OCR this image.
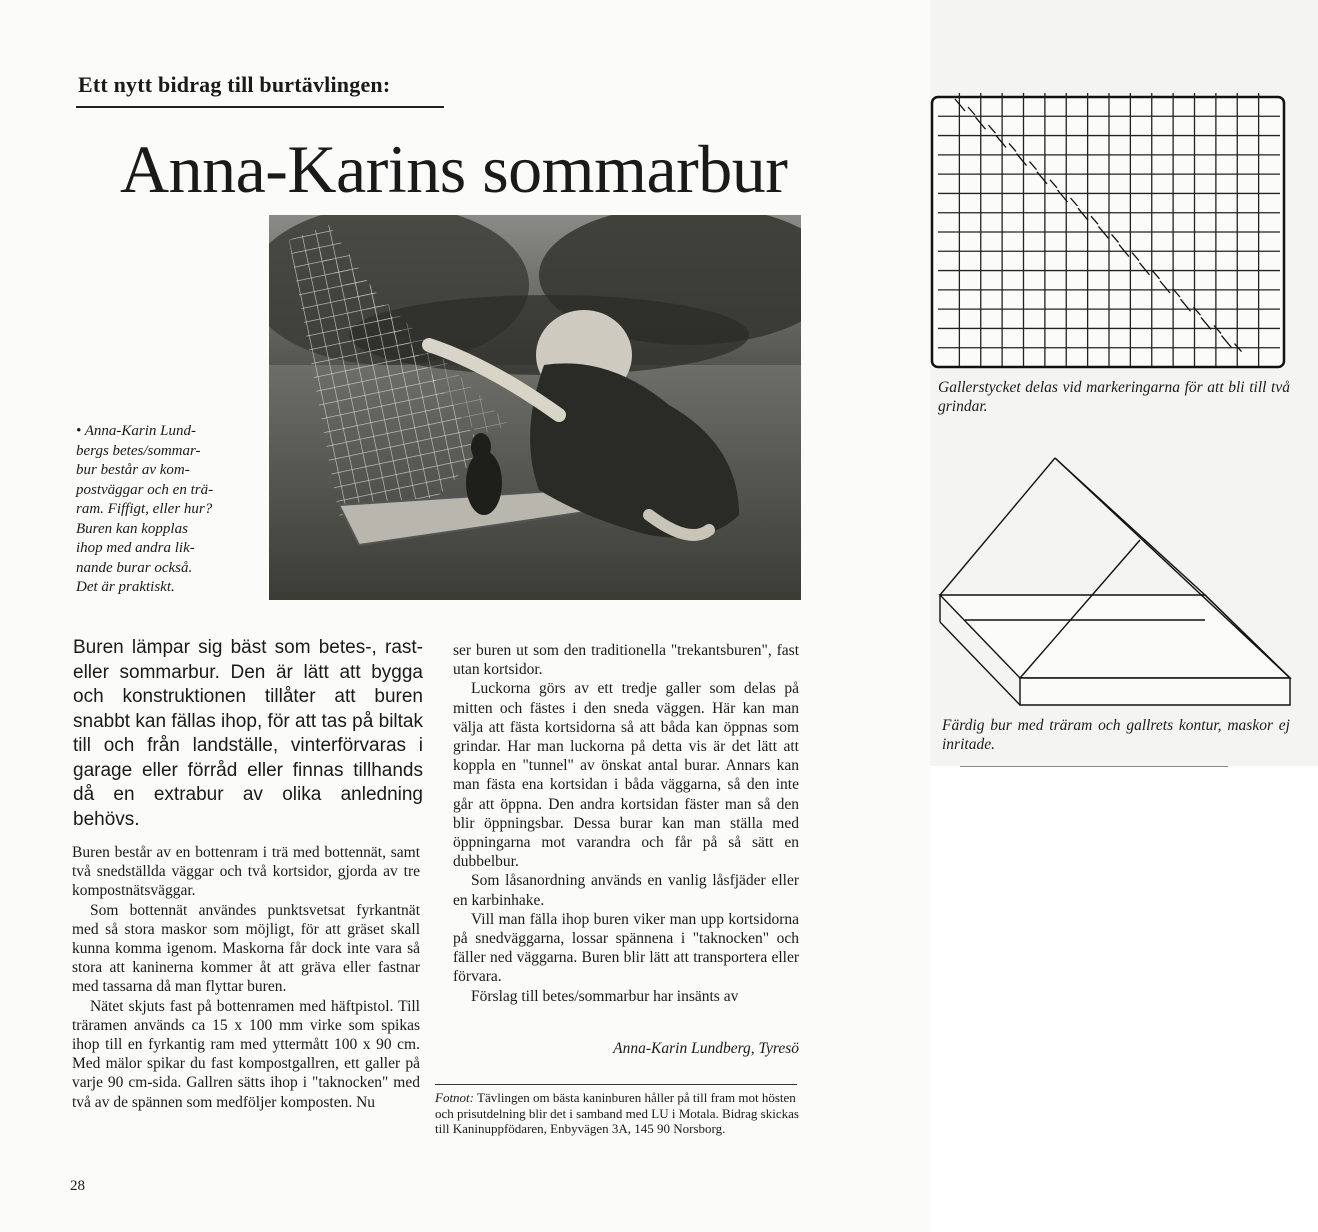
Ett nytt bidrag till burtävlingen:
Anna-Karins sommarbur

• Anna-Karin Lund-

bergs betes/sommar-

bur består av kom-

postväggar och en trä-

ram. Fiffigt, eller hur?

Buren kan kopplas

ihop med andra lik-

nande burar också.

Det är praktiskt.

Buren lämpar sig bäst som betes-, rast- eller sommarbur. Den är lätt att bygga och konstruktionen tillåter att buren snabbt kan fällas ihop, för att tas på biltak till och från landställe, vinterförvaras i garage eller förråd eller finnas tillhands då en extrabur av olika anledning behövs.

Buren består av en bottenram i trä med bottennät, samt två snedställda väggar och två kortsidor, gjorda av tre kompostnätsväggar.

Som bottennät användes punktsvetsat fyrkantnät med så stora maskor som möjligt, för att gräset skall kunna komma igenom. Maskorna får dock inte vara så stora att kaninerna kommer åt att gräva eller fastnar med tassarna då man flyttar buren.

Nätet skjuts fast på bottenramen med häftpistol. Till träramen används ca 15 x 100 mm virke som spikas ihop till en fyrkantig ram med yttermått 100 x 90 cm. Med mälor spikar du fast kompostgallren, ett galler på varje 90 cm-sida. Gallren sätts ihop i "taknocken" med två av de spännen som medföljer komposten. Nu

ser buren ut som den traditionella "trekantsburen", fast utan kortsidor.

Luckorna görs av ett tredje galler som delas på mitten och fästes i den sneda väggen. Här kan man välja att fästa kortsidorna så att båda kan öppnas som grindar. Har man luckorna på detta vis är det lätt att koppla en "tunnel" av önskat antal burar. Annars kan man fästa ena kortsidan i båda väggarna, så den inte går att öppna. Den andra kortsidan fäster man så den blir öppningsbar. Dessa burar kan man ställa med öppningarna mot varandra och får på så sätt en dubbelbur.

Som låsanordning används en vanlig låsfjäder eller en karbinhake.

Vill man fälla ihop buren viker man upp kortsidorna på snedväggarna, lossar spännena i "taknocken" och fäller ned väggarna. Buren blir lätt att transportera eller förvara.

Förslag till betes/sommarbur har insänts av

Anna-Karin Lundberg, Tyresö
Fotnot: Tävlingen om bästa kaninburen håller på till fram mot hösten och prisutdelning blir det i samband med LU i Motala. Bidrag skickas till Kaninuppfödaren, Enbyvägen 3A, 145 90 Norsborg.
28
Gallerstycket delas vid markeringarna för att bli till två grindar.
Färdig bur med träram och gallrets kontur, maskor ej inritade.
